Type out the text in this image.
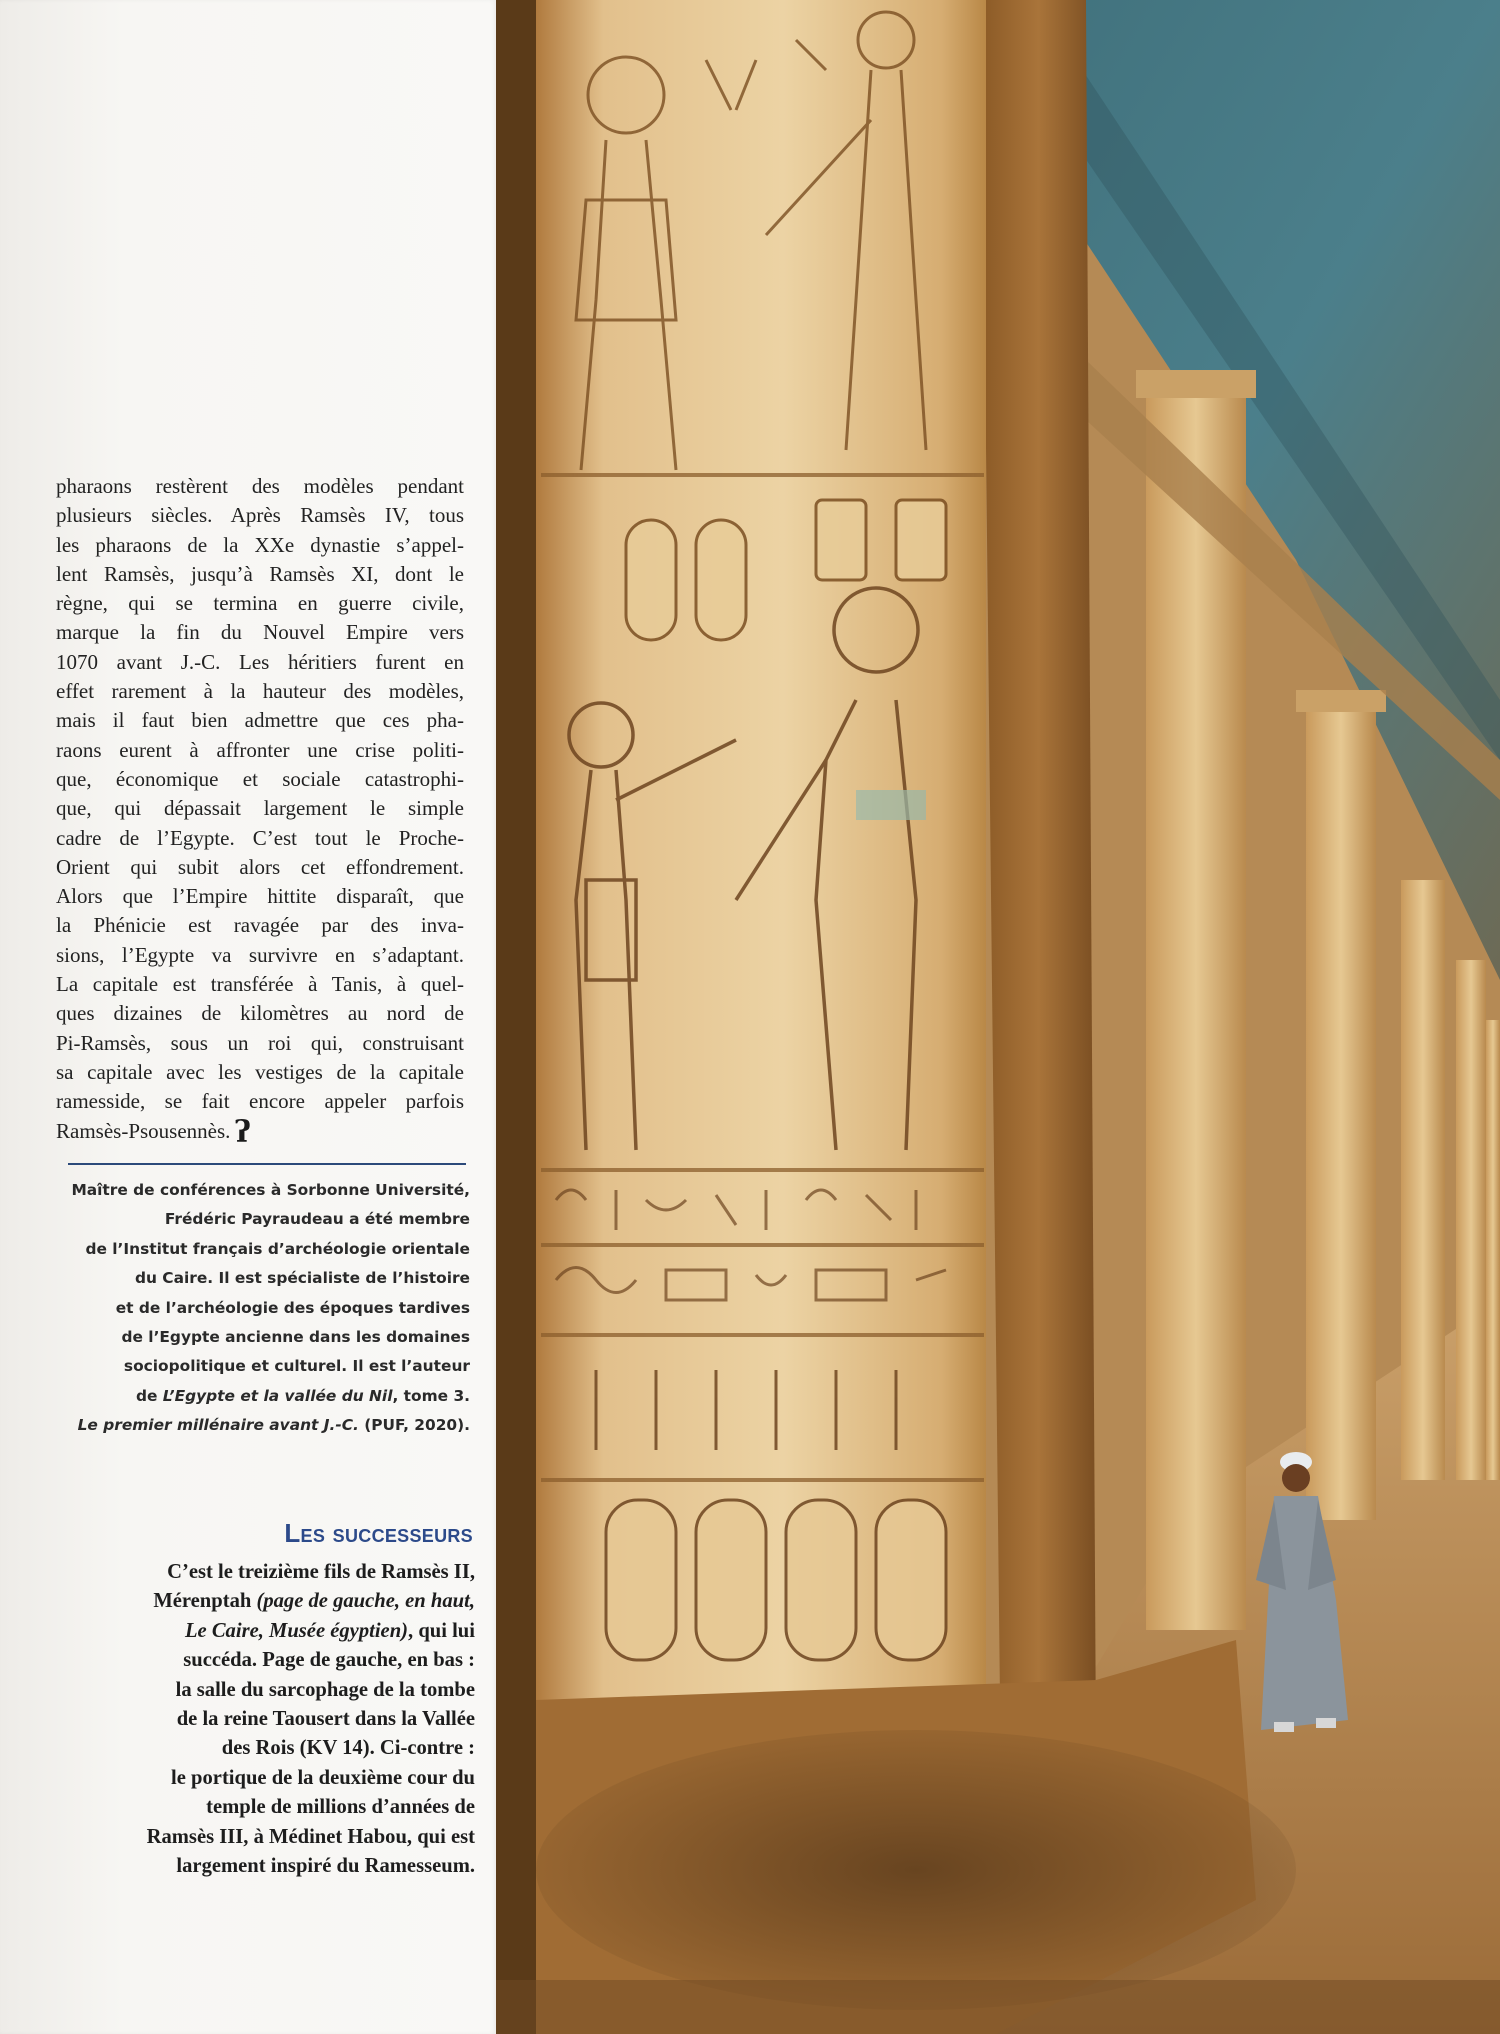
pharaons restèrent des modèles pendant
plusieurs siècles. Après Ramsès IV, tous
les pharaons de la XXe dynastie s’appel-
lent Ramsès, jusqu’à Ramsès XI, dont le
règne, qui se termina en guerre civile,
marque la fin du Nouvel Empire vers
1070 avant J.-C. Les héritiers furent en
effet rarement à la hauteur des modèles,
mais il faut bien admettre que ces pha-
raons eurent à affronter une crise politi-
que, économique et sociale catastrophi-
que, qui dépassait largement le simple
cadre de l’Egypte. C’est tout le Proche-
Orient qui subit alors cet effondrement.
Alors que l’Empire hittite disparaît, que
la Phénicie est ravagée par des inva-
sions, l’Egypte va survivre en s’adaptant.
La capitale est transférée à Tanis, à quel-
ques dizaines de kilomètres au nord de
Pi-Ramsès, sous un roi qui, construisant
sa capitale avec les vestiges de la capitale
ramesside, se fait encore appeler parfois
Ramsès-Psousennès. ʔ
Maître de conférences à Sorbonne Université,
Frédéric Payraudeau a été membre
de l’Institut français d’archéologie orientale
du Caire. Il est spécialiste de l’histoire
et de l’archéologie des époques tardives
de l’Egypte ancienne dans les domaines
sociopolitique et culturel. Il est l’auteur
de L’Egypte et la vallée du Nil, tome 3.
Le premier millénaire avant J.-C. (PUF, 2020).
Les successeurs
C’est le treizième fils de Ramsès II,
Mérenptah (page de gauche, en haut,
Le Caire, Musée égyptien), qui lui
succéda. Page de gauche, en bas :
la salle du sarcophage de la tombe
de la reine Taousert dans la Vallée
des Rois (KV 14). Ci-contre :
le portique de la deuxième cour du
temple de millions d’années de
Ramsès III, à Médinet Habou, qui est
largement inspiré du Ramesseum.
